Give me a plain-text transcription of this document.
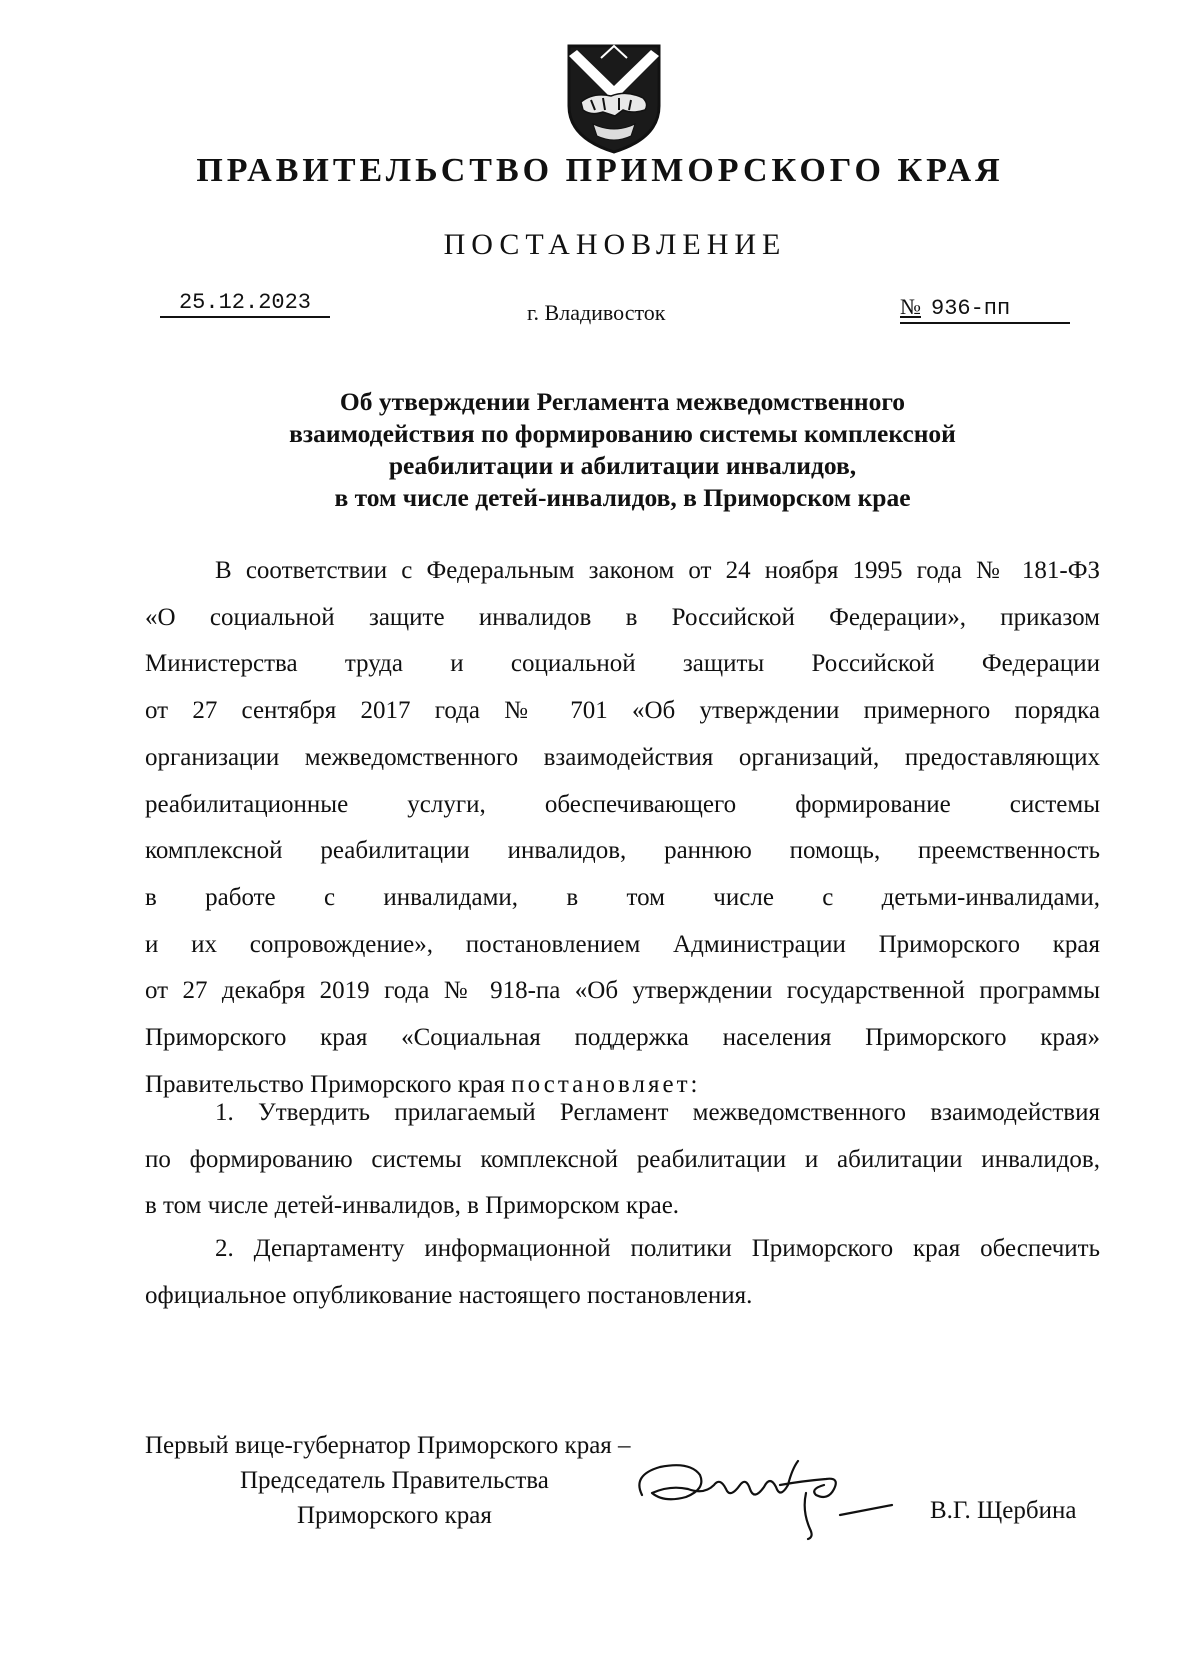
ПРАВИТЕЛЬСТВО ПРИМОРСКОГО КРАЯ
ПОСТАНОВЛЕНИЕ
25.12.2023	г. Владивосток	№ 936-пп
Об утверждении Регламента межведомственного
взаимодействия по формированию системы комплексной
реабилитации и абилитации инвалидов,
в том числе детей-инвалидов, в Приморском крае
В соответствии с Федеральным законом от 24 ноября 1995 года № 181-ФЗ
«О социальной защите инвалидов в Российской Федерации», приказом
Министерства труда и социальной защиты Российской Федерации
от 27 сентября 2017 года № 701 «Об утверждении примерного порядка
организации межведомственного взаимодействия организаций, предоставляющих
реабилитационные услуги, обеспечивающего формирование системы
комплексной реабилитации инвалидов, раннюю помощь, преемственность
в работе с инвалидами, в том числе с детьми-инвалидами,
и их сопровождение», постановлением Администрации Приморского края
от 27 декабря 2019 года № 918-па «Об утверждении государственной программы
Приморского края «Социальная поддержка населения Приморского края»
Правительство Приморского края постановляет:
1. Утвердить прилагаемый Регламент межведомственного взаимодействия
по формированию системы комплексной реабилитации и абилитации инвалидов,
в том числе детей-инвалидов, в Приморском крае.
2. Департаменту информационной политики Приморского края обеспечить
официальное опубликование настоящего постановления.
Первый вице-губернатор Приморского края –
Председатель Правительства
Приморского края	В.Г. Щербина
